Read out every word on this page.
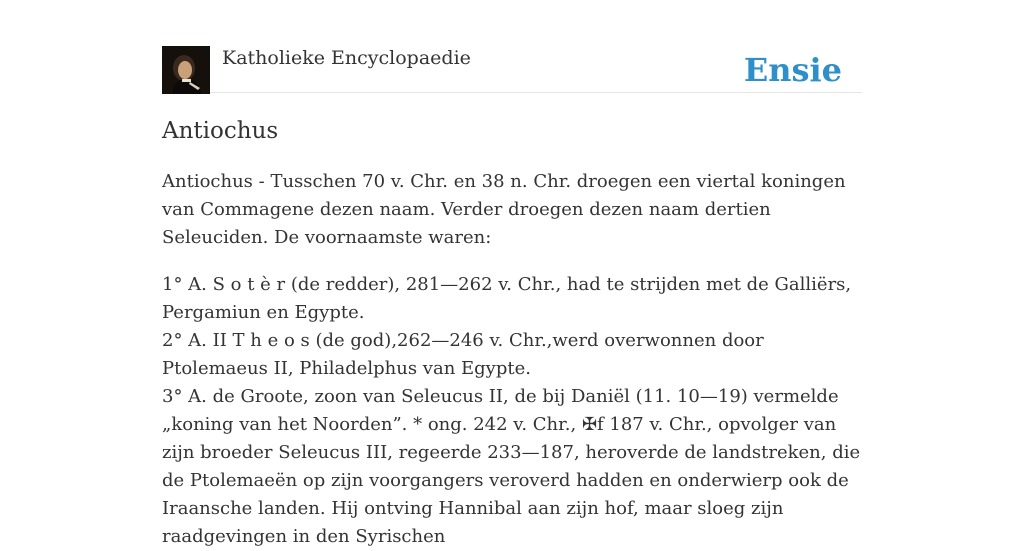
Katholieke Encyclopaedie	Ensie
Antiochus

Antiochus - Tusschen 70 v. Chr. en 38 n. Chr. droegen een viertal koningen van Commagene dezen naam. Verder droegen dezen naam dertien Seleuciden. De voornaamste waren:

1° A. S o t è r (de redder), 281—262 v. Chr., had te strijden met de Galliërs, Pergamiun en Egypte.

2° A. II T h e o s (de god),262—246 v. Chr.,werd overwonnen door Ptolemaeus II, Philadelphus van Egypte.

3° A. de Groote, zoon van Seleucus II, de bij Daniël (11. 10—19) vermelde „koning van het Noorden”. * ong. 242 v. Chr., ✠f 187 v. Chr., opvolger van zijn broeder Seleucus III, regeerde 233—187, heroverde de landstreken, die de Ptolemaeën op zijn voorgangers veroverd hadden en onderwierp ook de Iraansche landen. Hij ontving Hannibal aan zijn hof, maar sloeg zijn raadgevingen in den Syrischen
